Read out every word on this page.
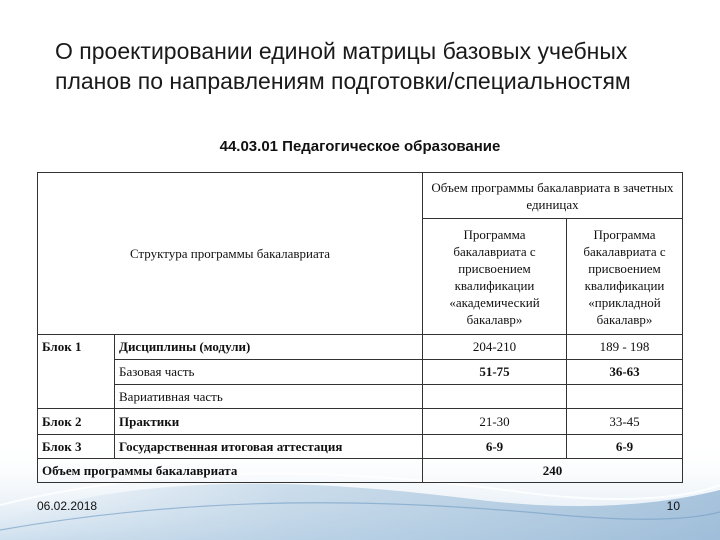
О проектировании единой матрицы базовых учебных планов по направлениям подготовки/специальностям
44.03.01 Педагогическое образование
Структура программы бакалавриата		Объем программы бакалавриата в зачетных единицах	
		Программа бакалавриата с присвоением квалификации «академический бакалавр»	Программа бакалавриата с присвоением квалификации «прикладной бакалавр»
Блок 1	Дисциплины (модули)	204-210	189 - 198
	Базовая часть	51-75	36-63
	Вариативная часть		
Блок 2	Практики	21-30	33-45
Блок 3	Государственная итоговая аттестация	6-9	6-9
Объем программы бакалавриата		240	
06.02.2018	10
